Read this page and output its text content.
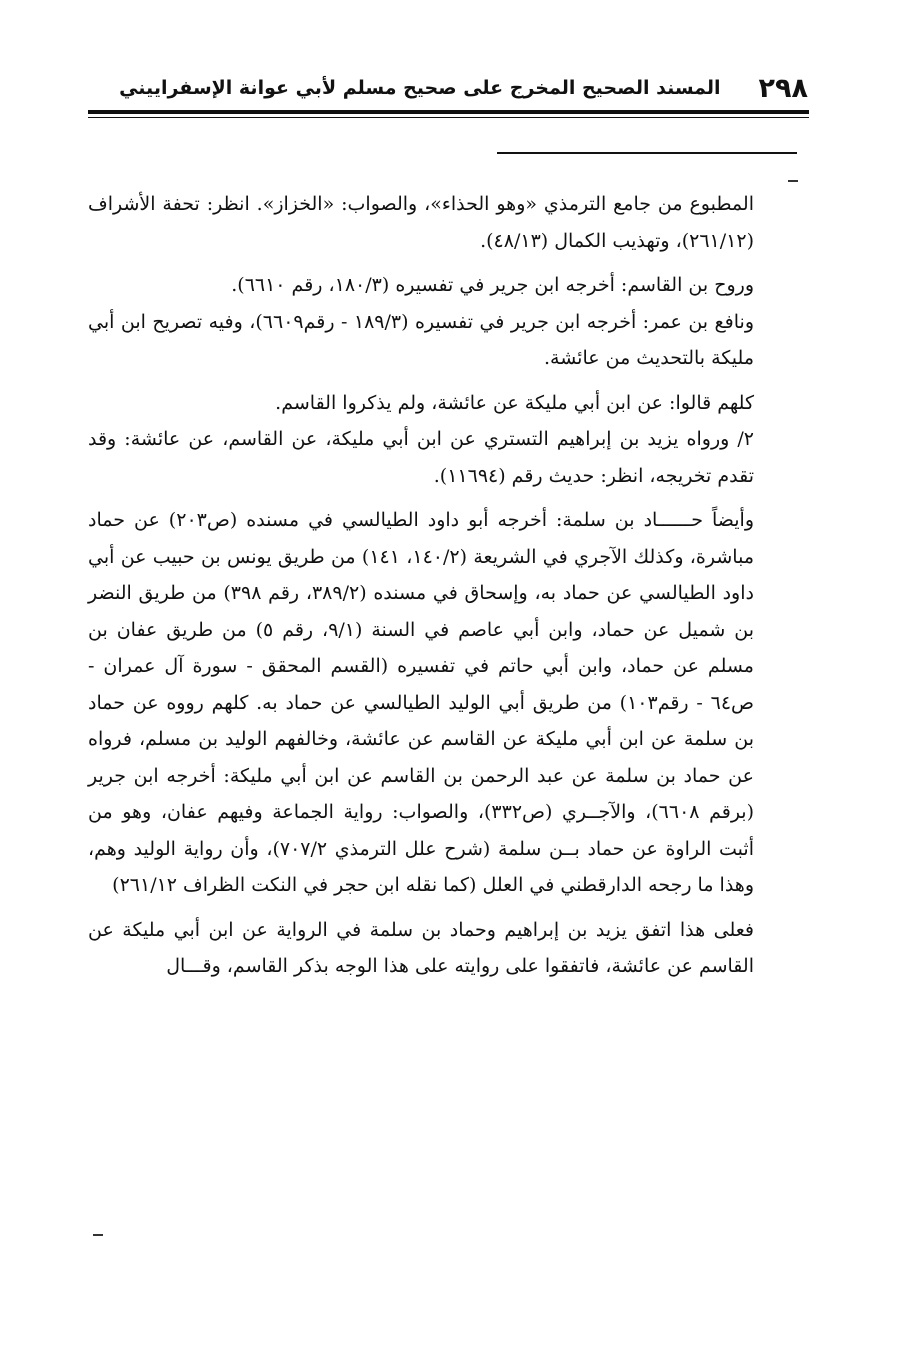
٢٩٨
المسند الصحيح المخرج على صحيح مسلم لأبي عوانة الإسفراييني

المطبوع من جامع الترمذي «وهو الحذاء»، والصواب: «الخزاز». انظر: تحفة الأشراف (٢٦١/١٢)، وتهذيب الكمال (٤٨/١٣).

وروح بن القاسم: أخرجه ابن جرير في تفسيره (١٨٠/٣، رقم ٦٦١٠).

ونافع بن عمر: أخرجه ابن جرير في تفسيره (١٨٩/٣ - رقم٦٦٠٩)، وفيه تصريح ابن أبي مليكة بالتحديث من عائشة.

كلهم قالوا: عن ابن أبي مليكة عن عائشة، ولم يذكروا القاسم.

٢/ ورواه يزيد بن إبراهيم التستري عن ابن أبي مليكة، عن القاسم، عن عائشة: وقد تقدم تخريجه، انظر: حديث رقم (١١٦٩٤).

وأيضاً حــــــاد بن سلمة: أخرجه أبو داود الطيالسي في مسنده (ص٢٠٣) عن حماد مباشرة، وكذلك الآجري في الشريعة (١٤٠/٢، ١٤١) من طريق يونس بن حبيب عن أبي داود الطيالسي عن حماد به، وإسحاق في مسنده (٣٨٩/٢، رقم ٣٩٨) من طريق النضر بن شميل عن حماد، وابن أبي عاصم في السنة (٩/١، رقم ٥) من طريق عفان بن مسلم عن حماد، وابن أبي حاتم في تفسيره (القسم المحقق - سورة آل عمران - ص٦٤ - رقم١٠٣) من طريق أبي الوليد الطيالسي عن حماد به. كلهم رووه عن حماد بن سلمة عن ابن أبي مليكة عن القاسم عن عائشة، وخالفهم الوليد بن مسلم، فرواه عن حماد بن سلمة عن عبد الرحمن بن القاسم عن ابن أبي مليكة: أخرجه ابن جرير (برقم ٦٦٠٨)، والآجــري (ص٣٣٢)، والصواب: رواية الجماعة وفيهم عفان، وهو من أثبت الراوة عن حماد بــن سلمة (شرح علل الترمذي ٧٠٧/٢)، وأن رواية الوليد وهم، وهذا ما رجحه الدارقطني في العلل (كما نقله ابن حجر في النكت الظراف ٢٦١/١٢)

فعلى هذا اتفق يزيد بن إبراهيم وحماد بن سلمة في الرواية عن ابن أبي مليكة عن القاسم عن عائشة، فاتفقوا على روايته على هذا الوجه بذكر القاسم، وقـــال
